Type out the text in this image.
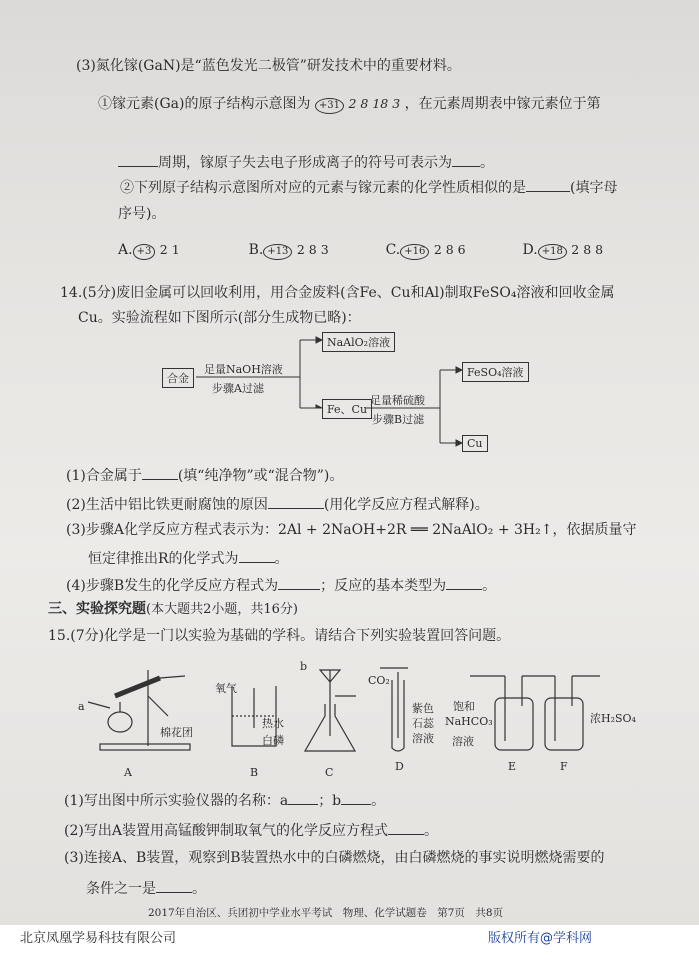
(3)氮化镓(GaN)是“蓝色发光二极管”研发技术中的重要材料。
①镓元素(Ga)的原子结构示意图为 +31 2 8 18 3 ，在元素周期表中镓元素位于第
周期，镓原子失去电子形成离子的符号可表示为 。
②下列原子结构示意图所对应的元素与镓元素的化学性质相似的是	(填字母
序号)。
A. +3 2 1	B. +13 2 8 3	C. +16 2 8 6	D. +18 2 8 8
14.(5分)废旧金属可以回收利用，用合金废料(含Fe、Cu和Al)制取FeSO₄溶液和回收金属
Cu。实验流程如下图所示(部分生成物已略)：
合金
足量NaOH溶液
步骤A过滤
NaAlO₂溶液
Fe、Cu
足量稀硫酸
步骤B过滤
FeSO₄溶液
Cu
(1)合金属于	(填“纯净物”或“混合物”)。
(2)生活中铝比铁更耐腐蚀的原因	(用化学反应方程式解释)。
(3)步骤A化学反应方程式表示为：2Al + 2NaOH+2R ══ 2NaAlO₂ + 3H₂↑，依据质量守
恒定律推出R的化学式为	。
(4)步骤B发生的化学反应方程式为	；反应的基本类型为	。
三、实验探究题(本大题共2小题，共16分)
15.(7分)化学是一门以实验为基础的学科。请结合下列实验装置回答问题。
a
棉花团
氧气
热水
白磷
b
CO₂
紫色
石蕊
溶液
饱和
NaHCO₃
溶液
浓H₂SO₄
A	B	C	D	E	F
(1)写出图中所示实验仪器的名称：a ；b 。
(2)写出A装置用高锰酸钾制取氧气的化学反应方程式	。
(3)连接A、B装置，观察到B装置热水中的白磷燃烧，由白磷燃烧的事实说明燃烧需要的
条件之一是	。
2017年自治区、兵团初中学业水平考试　物理、化学试题卷　第7页　共8页
北京凤凰学易科技有限公司	版权所有@学科网
